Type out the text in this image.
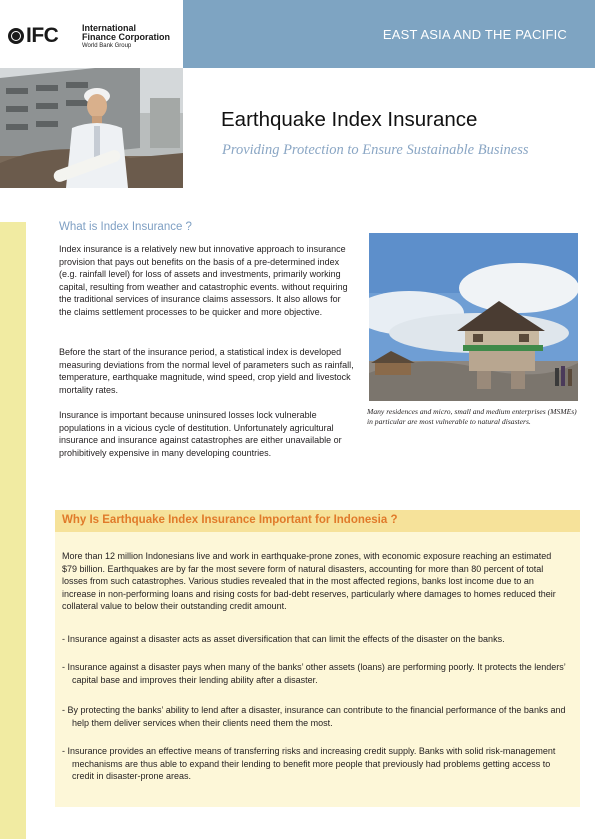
IFC	International
Finance Corporation
World Bank Group
EAST ASIA AND THE PACIFIC
Earthquake Index Insurance
Providing Protection to Ensure Sustainable Business
What is Index Insurance ?
Index insurance is a relatively new but innovative approach to insurance provision that pays out benefits on the basis of a pre-determined index (e.g. rainfall level) for loss of assets and investments, primarily working capital, resulting from weather and catastrophic events. without requiring the traditional services of insurance claims assessors. It also allows for the claims settlement processes to be quicker and more objective.
Before the start of the insurance period, a statistical index is developed measuring deviations from the normal level of parameters such as rainfall, temperature, earthquake magnitude, wind speed, crop yield and livestock mortality rates.
Insurance is important because uninsured losses lock vulnerable populations in a vicious cycle of destitution. Unfortunately agricultural insurance and insurance against catastrophes are either unavailable or prohibitively expensive in many developing countries.
Many residences and micro, small and medium enterprises (MSMEs) in particular are most vulnerable to natural disasters.
Why Is Earthquake Index Insurance Important for Indonesia ?
More than 12 million Indonesians live and work in earthquake-prone zones, with economic exposure reaching an estimated $79 billion. Earthquakes are by far the most severe form of natural disasters, accounting for more than 80 percent of total losses from such catastrophes. Various studies revealed that in the most affected regions, banks lost income due to an increase in non-performing loans and rising costs for bad-debt reserves, particularly where damages to homes reduced their collateral value to below their outstanding credit amount.
- Insurance against a disaster acts as asset diversification that can limit the effects of the disaster on the banks.
- Insurance against a disaster pays when many of the banks’ other assets (loans) are performing poorly. It protects the lenders’ capital base and improves their lending ability after a disaster.
- By protecting the banks’ ability to lend after a disaster, insurance can contribute to the financial performance of the banks and help them deliver services when their clients need them the most.
- Insurance provides an effective means of transferring risks and increasing credit supply. Banks with solid risk-management mechanisms are thus able to expand their lending to benefit more people that previously had problems getting access to credit in disaster-prone areas.
